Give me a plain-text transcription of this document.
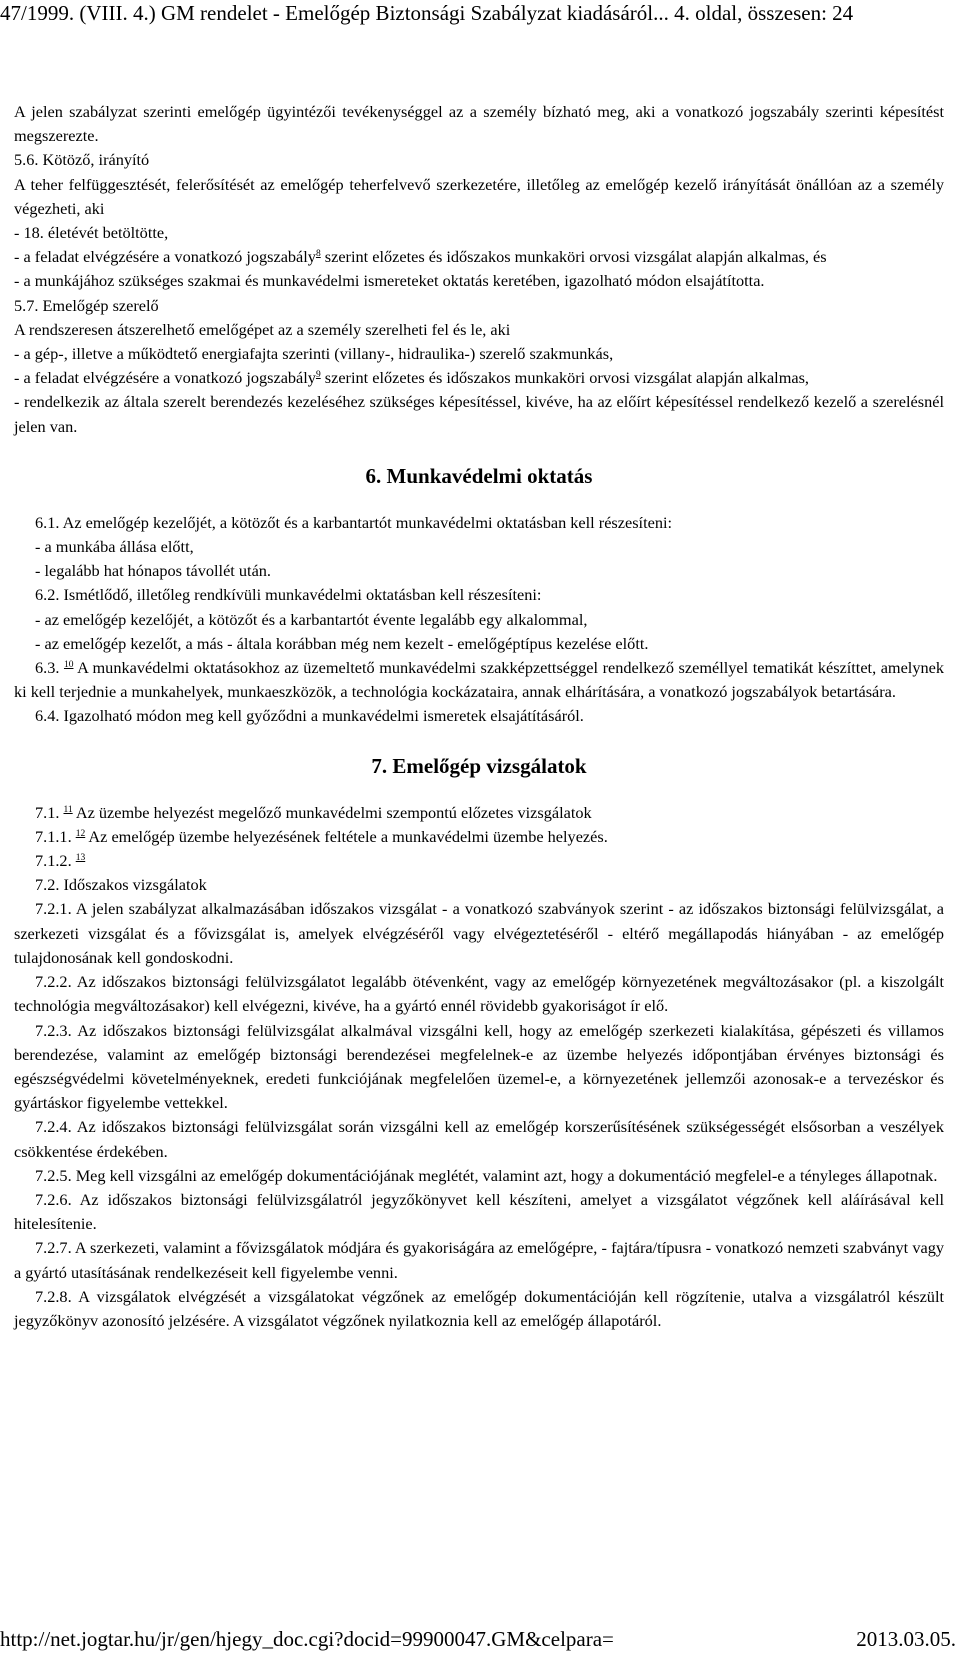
47/1999. (VIII. 4.) GM rendelet - Emelőgép Biztonsági Szabályzat kiadásáról... 4. oldal, összesen: 24

A jelen szabályzat szerinti emelőgép ügyintézői tevékenységgel az a személy bízható meg, aki a vonatkozó jogszabály szerinti képesítést megszerezte.

5.6. Kötöző, irányító

A teher felfüggesztését, felerősítését az emelőgép teherfelvevő szerkezetére, illetőleg az emelőgép kezelő irányítását önállóan az a személy végezheti, aki

- 18. életévét betöltötte,

- a feladat elvégzésére a vonatkozó jogszabály$^8$ szerint előzetes és időszakos munkaköri orvosi vizsgálat alapján alkalmas, és

- a munkájához szükséges szakmai és munkavédelmi ismereteket oktatás keretében, igazolható módon elsajátította.

5.7. Emelőgép szerelő

A rendszeresen átszerelhető emelőgépet az a személy szerelheti fel és le, aki

- a gép-, illetve a működtető energiafajta szerinti (villany-, hidraulika-) szerelő szakmunkás,

- a feladat elvégzésére a vonatkozó jogszabály$^9$ szerint előzetes és időszakos munkaköri orvosi vizsgálat alapján alkalmas,

- rendelkezik az általa szerelt berendezés kezeléséhez szükséges képesítéssel, kivéve, ha az előírt képesítéssel rendelkező kezelő a szerelésnél jelen van.

6. Munkavédelmi oktatás

6.1. Az emelőgép kezelőjét, a kötözőt és a karbantartót munkavédelmi oktatásban kell részesíteni:

- a munkába állása előtt,

- legalább hat hónapos távollét után.

6.2. Ismétlődő, illetőleg rendkívüli munkavédelmi oktatásban kell részesíteni:

- az emelőgép kezelőjét, a kötözőt és a karbantartót évente legalább egy alkalommal,

- az emelőgép kezelőt, a más - általa korábban még nem kezelt - emelőgéptípus kezelése előtt.

6.3. $^{10}$ A munkavédelmi oktatásokhoz az üzemeltető munkavédelmi szakképzettséggel rendelkező személlyel tematikát készíttet, amelynek ki kell terjednie a munkahelyek, munkaeszközök, a technológia kockázataira, annak elhárítására, a vonatkozó jogszabályok betartására.

6.4. Igazolható módon meg kell győződni a munkavédelmi ismeretek elsajátításáról.

7. Emelőgép vizsgálatok

7.1. $^{11}$ Az üzembe helyezést megelőző munkavédelmi szempontú előzetes vizsgálatok

7.1.1. $^{12}$ Az emelőgép üzembe helyezésének feltétele a munkavédelmi üzembe helyezés.

7.1.2. $^{13}$

7.2. Időszakos vizsgálatok

7.2.1. A jelen szabályzat alkalmazásában időszakos vizsgálat - a vonatkozó szabványok szerint - az időszakos biztonsági felülvizsgálat, a szerkezeti vizsgálat és a fővizsgálat is, amelyek elvégzéséről vagy elvégeztetéséről - eltérő megállapodás hiányában - az emelőgép tulajdonosának kell gondoskodni.

7.2.2. Az időszakos biztonsági felülvizsgálatot legalább ötévenként, vagy az emelőgép környezetének megváltozásakor (pl. a kiszolgált technológia megváltozásakor) kell elvégezni, kivéve, ha a gyártó ennél rövidebb gyakoriságot ír elő.

7.2.3. Az időszakos biztonsági felülvizsgálat alkalmával vizsgálni kell, hogy az emelőgép szerkezeti kialakítása, gépészeti és villamos berendezése, valamint az emelőgép biztonsági berendezései megfelelnek-e az üzembe helyezés időpontjában érvényes biztonsági és egészségvédelmi követelményeknek, eredeti funkciójának megfelelően üzemel-e, a környezetének jellemzői azonosak-e a tervezéskor és gyártáskor figyelembe vettekkel.

7.2.4. Az időszakos biztonsági felülvizsgálat során vizsgálni kell az emelőgép korszerűsítésének szükségességét elsősorban a veszélyek csökkentése érdekében.

7.2.5. Meg kell vizsgálni az emelőgép dokumentációjának meglétét, valamint azt, hogy a dokumentáció megfelel-e a tényleges állapotnak.

7.2.6. Az időszakos biztonsági felülvizsgálatról jegyzőkönyvet kell készíteni, amelyet a vizsgálatot végzőnek kell aláírásával kell hitelesítenie.

7.2.7. A szerkezeti, valamint a fővizsgálatok módjára és gyakoriságára az emelőgépre, - fajtára/típusra - vonatkozó nemzeti szabványt vagy a gyártó utasításának rendelkezéseit kell figyelembe venni.

7.2.8. A vizsgálatok elvégzését a vizsgálatokat végzőnek az emelőgép dokumentációján kell rögzítenie, utalva a vizsgálatról készült jegyzőkönyv azonosító jelzésére. A vizsgálatot végzőnek nyilatkoznia kell az emelőgép állapotáról.

http://net.jogtar.hu/jr/gen/hjegy_doc.cgi?docid=99900047.GM&celpara=	2013.03.05.
